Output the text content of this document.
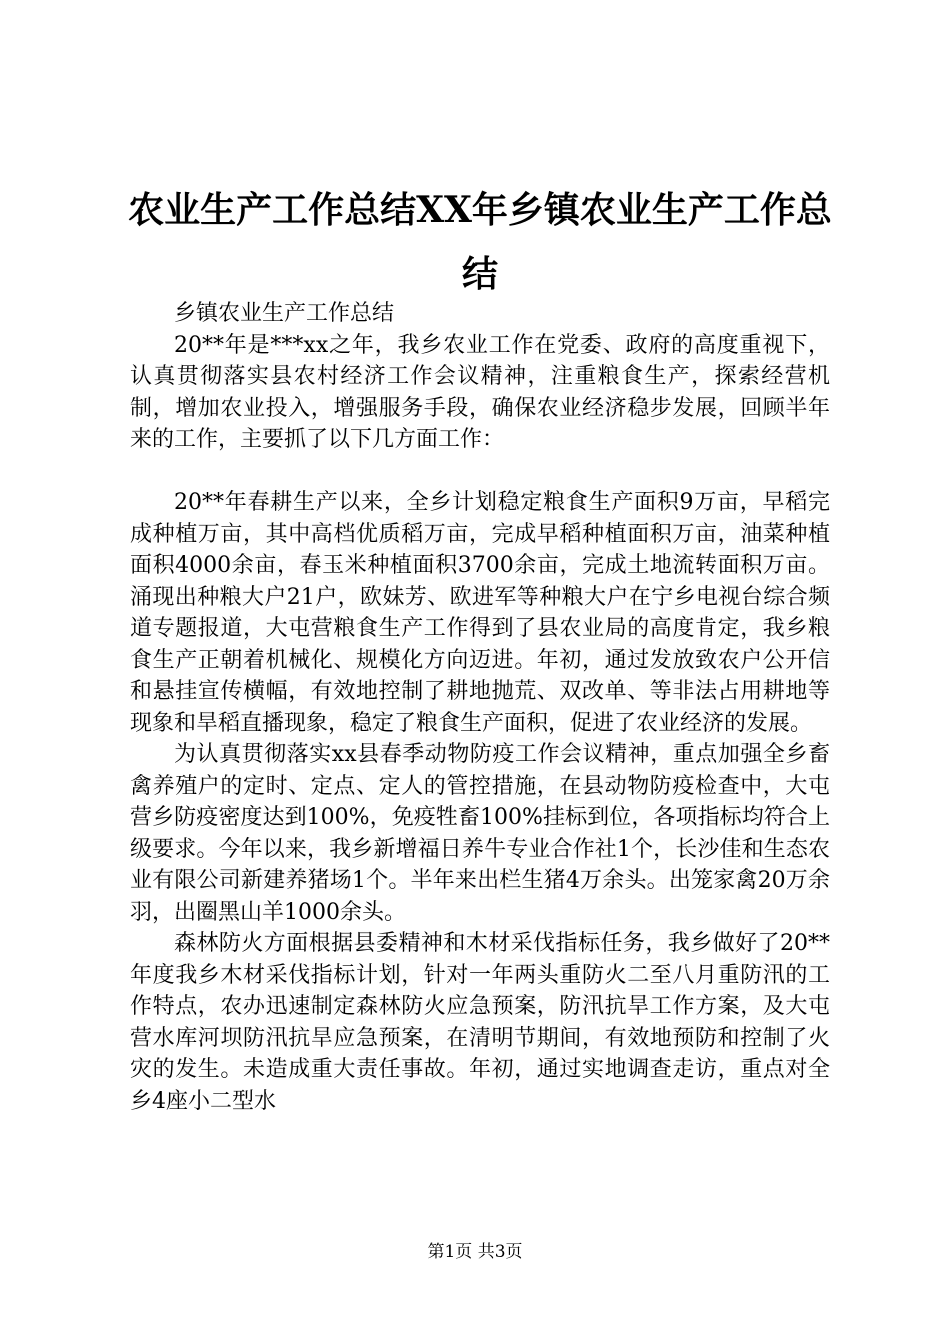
农业生产工作总结XX年乡镇农业生产工作总结

乡镇农业生产工作总结

20**年是***xx之年，我乡农业工作在党委、政府的高度重视下，认真贯彻落实县农村经济工作会议精神，注重粮食生产，探索经营机制，增加农业投入，增强服务手段，确保农业经济稳步发展，回顾半年来的工作，主要抓了以下几方面工作：

20**年春耕生产以来，全乡计划稳定粮食生产面积9万亩，早稻完成种植万亩，其中高档优质稻万亩，完成早稻种植面积万亩，油菜种植面积4000余亩，春玉米种植面积3700余亩，完成土地流转面积万亩。涌现出种粮大户21户，欧妹芳、欧进军等种粮大户在宁乡电视台综合频道专题报道，大屯营粮食生产工作得到了县农业局的高度肯定，我乡粮食生产正朝着机械化、规模化方向迈进。年初，通过发放致农户公开信和悬挂宣传横幅，有效地控制了耕地抛荒、双改单、等非法占用耕地等现象和旱稻直播现象，稳定了粮食生产面积，促进了农业经济的发展。

为认真贯彻落实xx县春季动物防疫工作会议精神，重点加强全乡畜禽养殖户的定时、定点、定人的管控措施，在县动物防疫检查中，大屯营乡防疫密度达到100%，免疫牲畜100%挂标到位，各项指标均符合上级要求。今年以来，我乡新增福日养牛专业合作社1个，长沙佳和生态农业有限公司新建养猪场1个。半年来出栏生猪4万余头。出笼家禽20万余羽，出圈黑山羊1000余头。

森林防火方面根据县委精神和木材采伐指标任务，我乡做好了20**年度我乡木材采伐指标计划，针对一年两头重防火二至八月重防汛的工作特点，农办迅速制定森林防火应急预案，防汛抗旱工作方案，及大屯营水库河坝防汛抗旱应急预案，在清明节期间，有效地预防和控制了火灾的发生。未造成重大责任事故。年初，通过实地调查走访，重点对全乡4座小二型水

第1页 共3页
